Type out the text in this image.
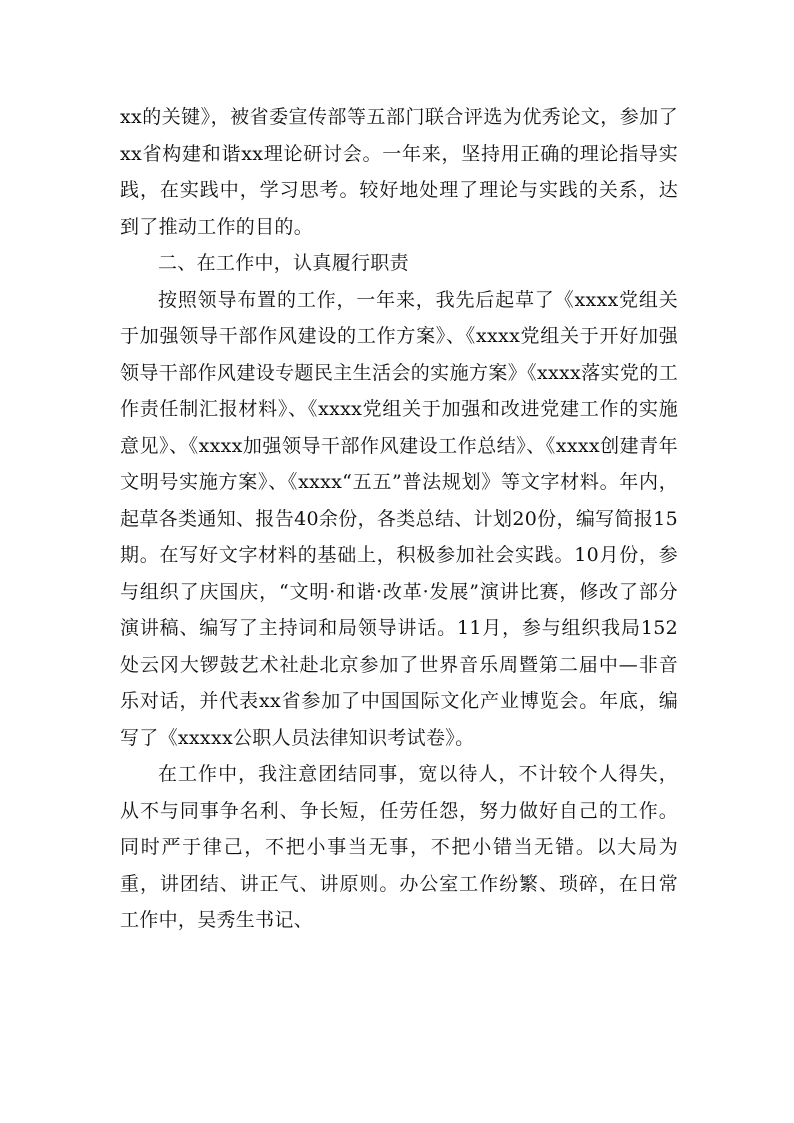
xx的关键》，被省委宣传部等五部门联合评选为优秀论文，参加了xx省构建和谐xx理论研讨会。一年来，坚持用正确的理论指导实践，在实践中，学习思考。较好地处理了理论与实践的关系，达到了推动工作的目的。

二、在工作中，认真履行职责

按照领导布置的工作，一年来，我先后起草了《xxxx党组关于加强领导干部作风建设的工作方案》、《xxxx党组关于开好加强领导干部作风建设专题民主生活会的实施方案》《xxxx落实党的工作责任制汇报材料》、《xxxx党组关于加强和改进党建工作的实施意见》、《xxxx加强领导干部作风建设工作总结》、《xxxx创建青年文明号实施方案》、《xxxx“五五”普法规划》等文字材料。年内，起草各类通知、报告40余份，各类总结、计划20份，编写简报15期。在写好文字材料的基础上，积极参加社会实践。10月份，参与组织了庆国庆，“文明·和谐·改革·发展”演讲比赛，修改了部分演讲稿、编写了主持词和局领导讲话。11月，参与组织我局152处云冈大锣鼓艺术社赴北京参加了世界音乐周暨第二届中—非音乐对话，并代表xx省参加了中国国际文化产业博览会。年底，编写了《xxxxx公职人员法律知识考试卷》。

在工作中，我注意团结同事，宽以待人，不计较个人得失，从不与同事争名利、争长短，任劳任怨，努力做好自己的工作。同时严于律己，不把小事当无事，不把小错当无错。以大局为重，讲团结、讲正气、讲原则。办公室工作纷繁、琐碎，在日常工作中，吴秀生书记、
